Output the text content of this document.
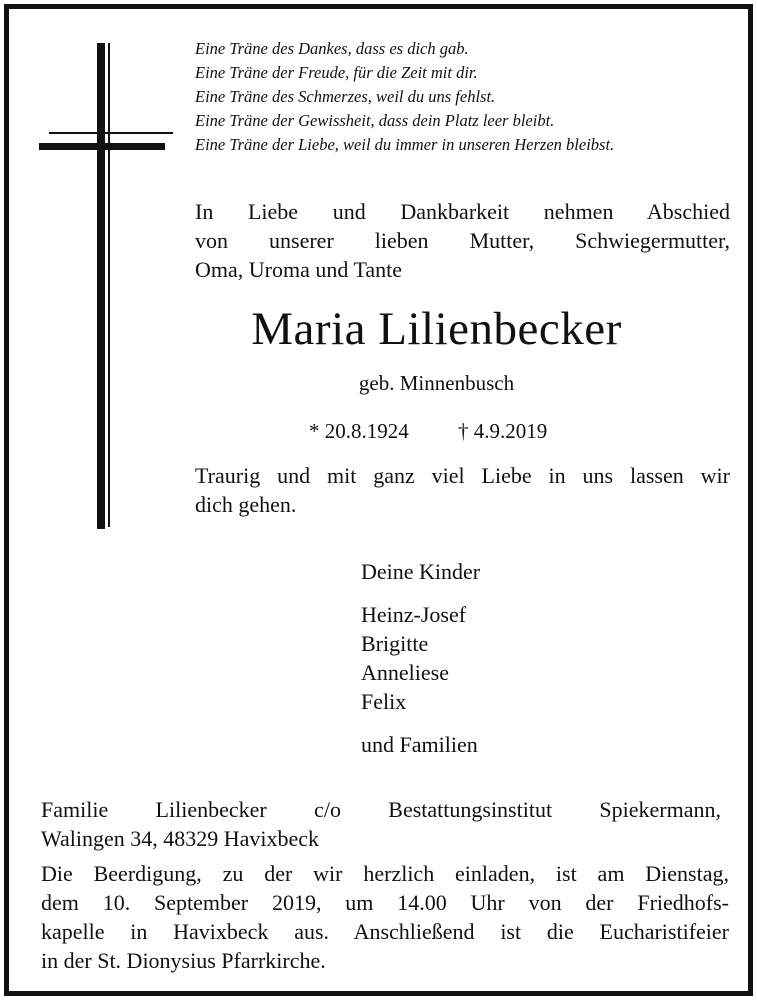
Eine Träne des Dankes, dass es dich gab.
Eine Träne der Freude, für die Zeit mit dir.
Eine Träne des Schmerzes, weil du uns fehlst.
Eine Träne der Gewissheit, dass dein Platz leer bleibt.
Eine Träne der Liebe, weil du immer in unseren Herzen bleibst.
In Liebe und Dankbarkeit nehmen Abschied
von unserer lieben Mutter, Schwiegermutter,
Oma, Uroma und Tante
Maria Lilienbecker
geb. Minnenbusch
* 20.8.1924 † 4.9.2019
Traurig und mit ganz viel Liebe in uns lassen wir
dich gehen.
Deine Kinder
Heinz-Josef
Brigitte
Anneliese
Felix
und Familien
Familie Lilienbecker c/o Bestattungsinstitut Spiekermann,
Walingen 34, 48329 Havixbeck
Die Beerdigung, zu der wir herzlich einladen, ist am Dienstag,
dem 10. September 2019, um 14.00 Uhr von der Friedhofs-
kapelle in Havixbeck aus. Anschließend ist die Eucharistifeier
in der St. Dionysius Pfarrkirche.
